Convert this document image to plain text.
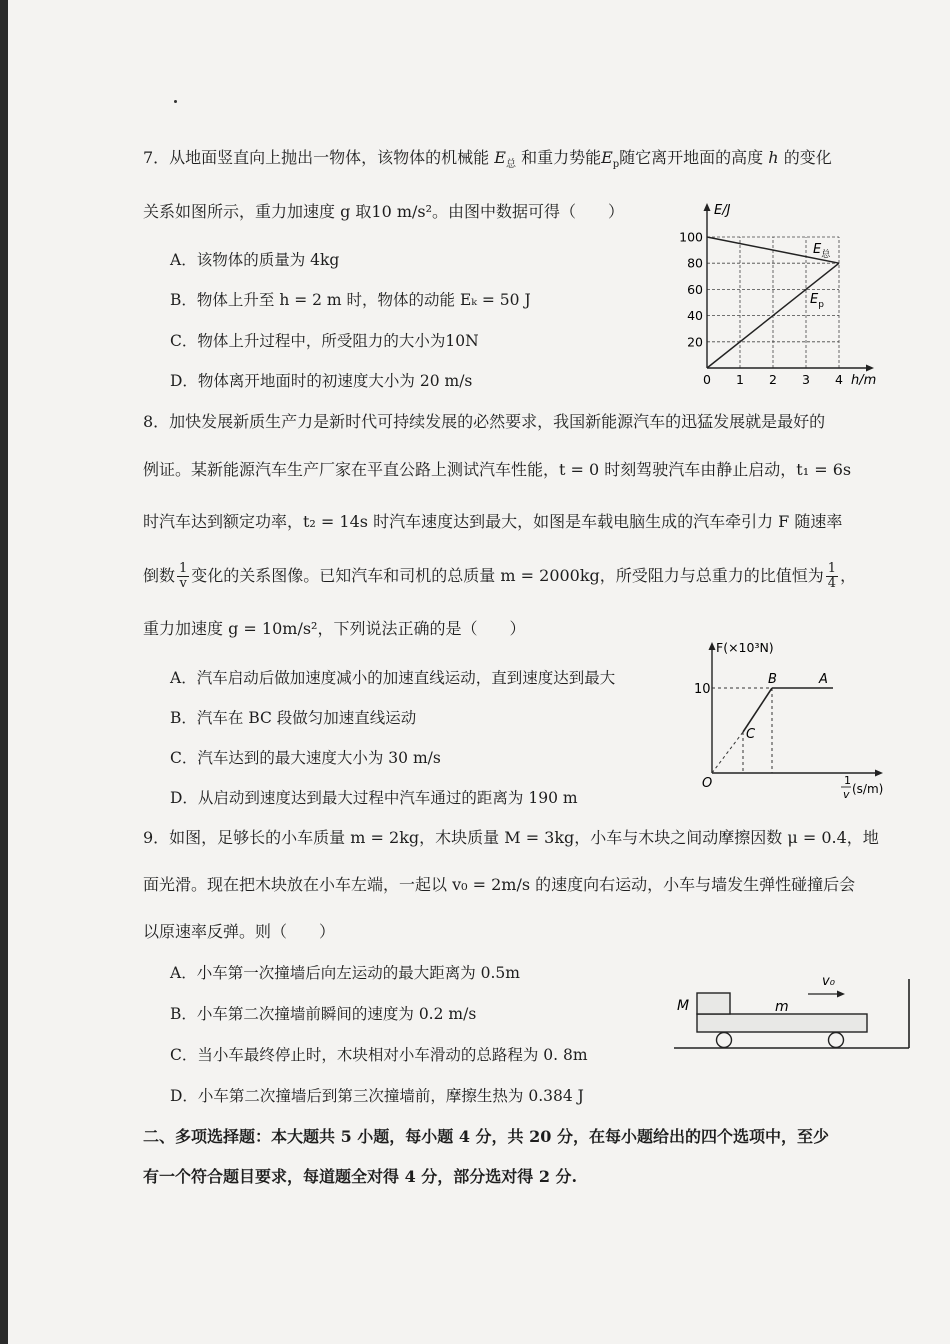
7．从地面竖直向上抛出一物体，该物体的机械能 $E_总$ 和重力势能$E_p$随它离开地面的高度 h 的变化
关系如图所示，重力加速度 g 取10 m/s²。由图中数据可得（　　）
A．该物体的质量为 4kg
B．物体上升至 h = 2 m 时，物体的动能 Eₖ = 50 J
C．物体上升过程中，所受阻力的大小为10N
D．物体离开地面时的初速度大小为 20 m/s
E/J
h/m
20
40
60
80
100
0 1 2 3 4
$E_总$
$E_p$
8．加快发展新质生产力是新时代可持续发展的必然要求，我国新能源汽车的迅猛发展就是最好的
例证。某新能源汽车生产厂家在平直公路上测试汽车性能，t = 0 时刻驾驶汽车由静止启动，t₁ = 6s
时汽车达到额定功率，t₂ = 14s 时汽车速度达到最大，如图是车载电脑生成的汽车牵引力 F 随速率
倒数 $\frac{1}{v}$ 变化的关系图像。已知汽车和司机的总质量 m = 2000kg，所受阻力与总重力的比值恒为 $\frac{1}{4}$ ，
重力加速度 g = 10m/s²，下列说法正确的是（　　）
A．汽车启动后做加速度减小的加速直线运动，直到速度达到最大
B．汽车在 BC 段做匀加速直线运动
C．汽车达到的最大速度大小为 30 m/s
D．从启动到速度达到最大过程中汽车通过的距离为 190 m
F(×10³N)
10
O
B	A
C
1
v (s/m)
9．如图，足够长的小车质量 m = 2kg，木块质量 M = 3kg，小车与木块之间动摩擦因数 μ = 0.4，地
面光滑。现在把木块放在小车左端，一起以 v₀ = 2m/s 的速度向右运动，小车与墙发生弹性碰撞后会
以原速率反弹。则（　　）
A．小车第一次撞墙后向左运动的最大距离为 0.5m
B．小车第二次撞墙前瞬间的速度为 0.2 m/s
C．当小车最终停止时，木块相对小车滑动的总路程为 0. 8m
D．小车第二次撞墙后到第三次撞墙前，摩擦生热为 0.384 J
M	m
v₀
二、多项选择题：本大题共 5 小题，每小题 4 分，共 20 分，在每小题给出的四个选项中，至少
有一个符合题目要求，每道题全对得 4 分，部分选对得 2 分.
